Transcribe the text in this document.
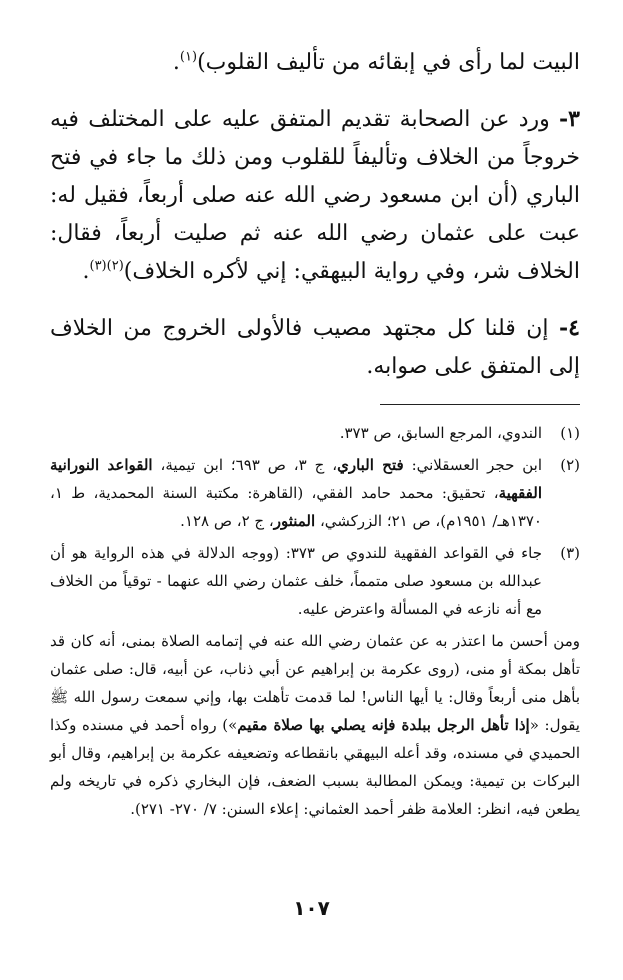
البيت لما رأى في إبقائه من تأليف القلوب)$^{(١)}$.

٣- ورد عن الصحابة تقديم المتفق عليه على المختلف فيه خروجاً من الخلاف وتأليفاً للقلوب ومن ذلك ما جاء في فتح الباري (أن ابن مسعود رضي الله عنه صلى أربعاً، فقيل له: عبت على عثمان رضي الله عنه ثم صليت أربعاً، فقال: الخلاف شر، وفي رواية البيهقي: إني لأكره الخلاف)$^{(٢)(٣)}$.

٤- إن قلنا كل مجتهد مصيب فالأولى الخروج من الخلاف إلى المتفق على صوابه.

(١)
الندوي، المرجع السابق، ص ٣٧٣.
(٢)
ابن حجر العسقلاني: فتح الباري، ج ٣، ص ٦٩٣؛ ابن تيمية، القواعد النورانية الفقهية، تحقيق: محمد حامد الفقي، (القاهرة: مكتبة السنة المحمدية، ط ١، ١٣٧٠هـ/ ١٩٥١م)، ص ٢١؛ الزركشي، المنثور، ج ٢، ص ١٢٨.
(٣)
جاء في القواعد الفقهية للندوي ص ٣٧٣: (ووجه الدلالة في هذه الرواية هو أن عبدالله بن مسعود صلى متمماً، خلف عثمان رضي الله عنهما - توقياً من الخلاف مع أنه نازعه في المسألة واعترض عليه.

ومن أحسن ما اعتذر به عن عثمان رضي الله عنه في إتمامه الصلاة بمنى، أنه كان قد تأهل بمكة أو منى، (روى عكرمة بن إبراهيم عن أبي ذناب، عن أبيه، قال: صلى عثمان بأهل منى أربعاً وقال: يا أيها الناس! لما قدمت تأهلت بها، وإني سمعت رسول الله ﷺ يقول: «إذا تأهل الرجل ببلدة فإنه يصلي بها صلاة مقيم») رواه أحمد في مسنده وكذا الحميدي في مسنده، وقد أعله البيهقي بانقطاعه وتضعيفه عكرمة بن إبراهيم، وقال أبو البركات بن تيمية: ويمكن المطالبة بسبب الضعف، فإن البخاري ذكره في تاريخه ولم يطعن فيه، انظر: العلامة ظفر أحمد العثماني: إعلاء السنن: ٧/ ٢٧٠- ٢٧١).

١٠٧
